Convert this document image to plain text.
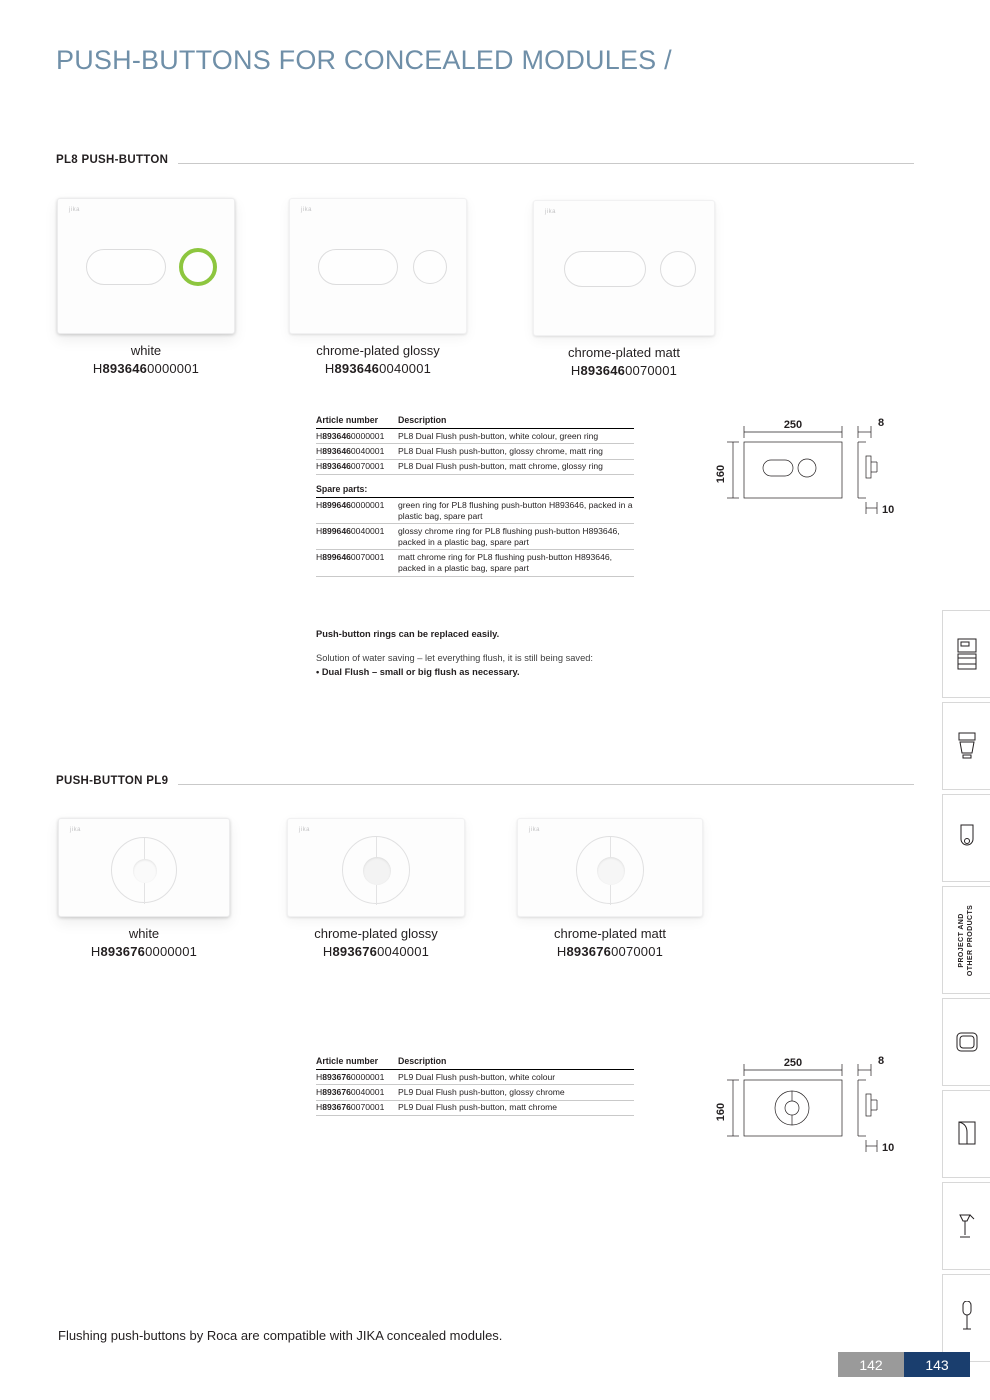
PUSH-BUTTONS FOR CONCEALED MODULES /
PL8 PUSH-BUTTON
jika
white
H8936460000001
jika
chrome-plated glossy
H8936460040001
jika
chrome-plated matt
H8936460070001
Article number	Description
H8936460000001	PL8 Dual Flush push-button, white colour, green ring
H8936460040001	PL8 Dual Flush push-button, glossy chrome, matt ring
H8936460070001	PL8 Dual Flush push-button, matt chrome, glossy ring
Spare parts:
H8996460000001	green ring for PL8 flushing push-button H893646, packed in a plastic bag, spare part
H8996460040001	glossy chrome ring for PL8 flushing push-button H893646, packed in a plastic bag, spare part
H8996460070001	matt chrome ring for PL8 flushing push-button H893646, packed in a plastic bag, spare part
Push-button rings can be replaced easily.
Solution of water saving – let everything flush, it is still being saved:
• Dual Flush – small or big flush as necessary.
250
160
8
10
PUSH-BUTTON PL9
jika
white
H8936760000001
jika
chrome-plated glossy
H8936760040001
jika
chrome-plated matt
H8936760070001
Article number	Description
H8936760000001	PL9 Dual Flush push-button, white colour
H8936760040001	PL9 Dual Flush push-button, glossy chrome
H8936760070001	PL9 Dual Flush push-button, matt chrome
250
160
8
10
PROJECT AND OTHER PRODUCTS
Flushing push-buttons by Roca are compatible with JIKA concealed modules.
142	143
